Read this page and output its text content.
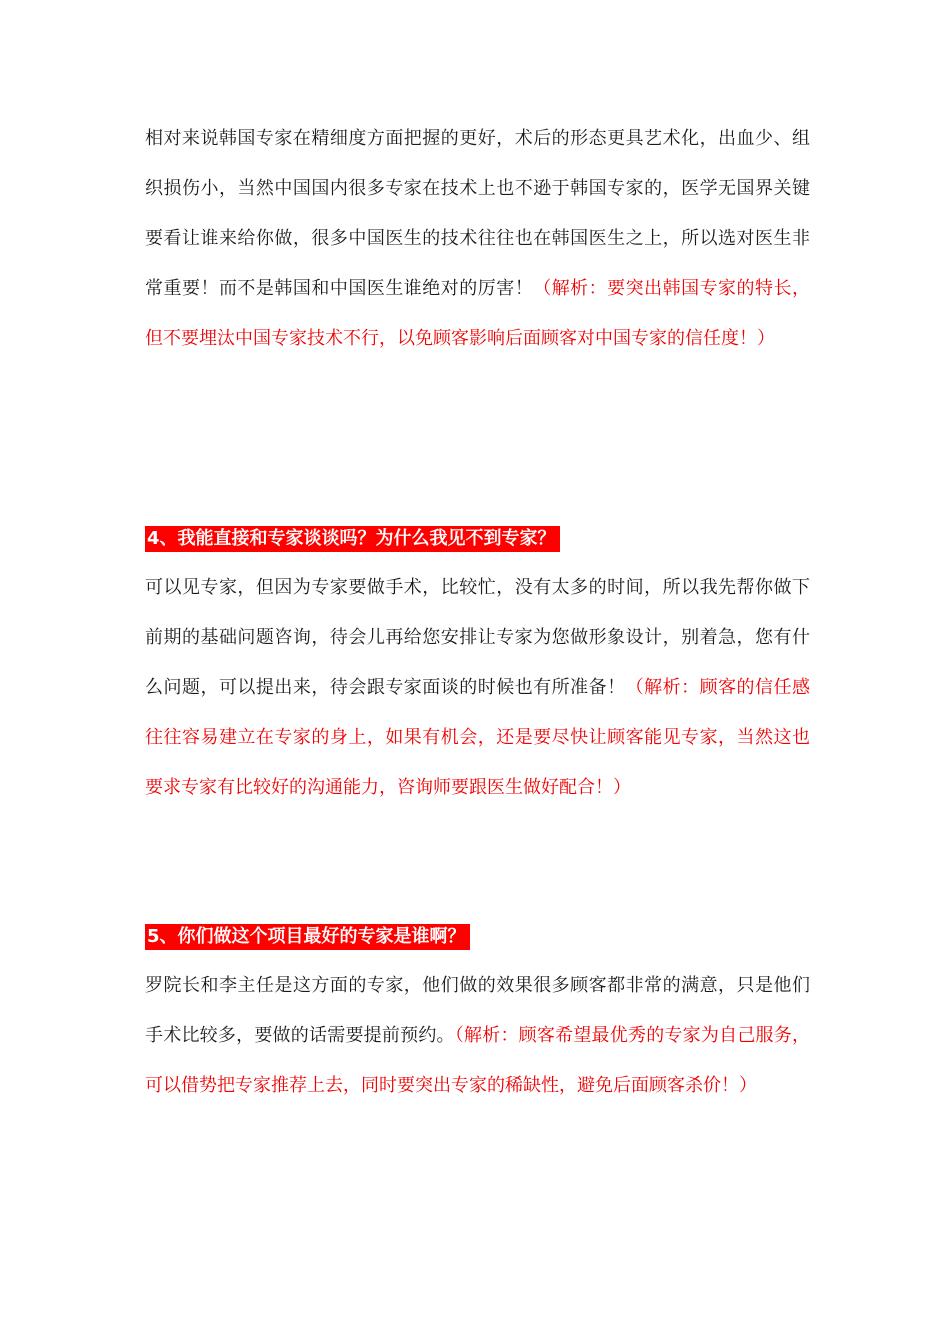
相对来说韩国专家在精细度方面把握的更好，术后的形态更具艺术化，出血少、组织损伤小，当然中国国内很多专家在技术上也不逊于韩国专家的，医学无国界关键要看让谁来给你做，很多中国医生的技术往往也在韩国医生之上，所以选对医生非常重要！而不是韩国和中国医生谁绝对的厉害！（解析：要突出韩国专家的特长，但不要埋汰中国专家技术不行，以免顾客影响后面顾客对中国专家的信任度！）

4、我能直接和专家谈谈吗？为什么我见不到专家？

可以见专家，但因为专家要做手术，比较忙，没有太多的时间，所以我先帮你做下前期的基础问题咨询，待会儿再给您安排让专家为您做形象设计，别着急，您有什么问题，可以提出来，待会跟专家面谈的时候也有所准备！（解析：顾客的信任感往往容易建立在专家的身上，如果有机会，还是要尽快让顾客能见专家，当然这也要求专家有比较好的沟通能力，咨询师要跟医生做好配合！）

5、你们做这个项目最好的专家是谁啊？

罗院长和李主任是这方面的专家，他们做的效果很多顾客都非常的满意，只是他们手术比较多，要做的话需要提前预约。（解析：顾客希望最优秀的专家为自己服务，可以借势把专家推荐上去，同时要突出专家的稀缺性，避免后面顾客杀价！）
